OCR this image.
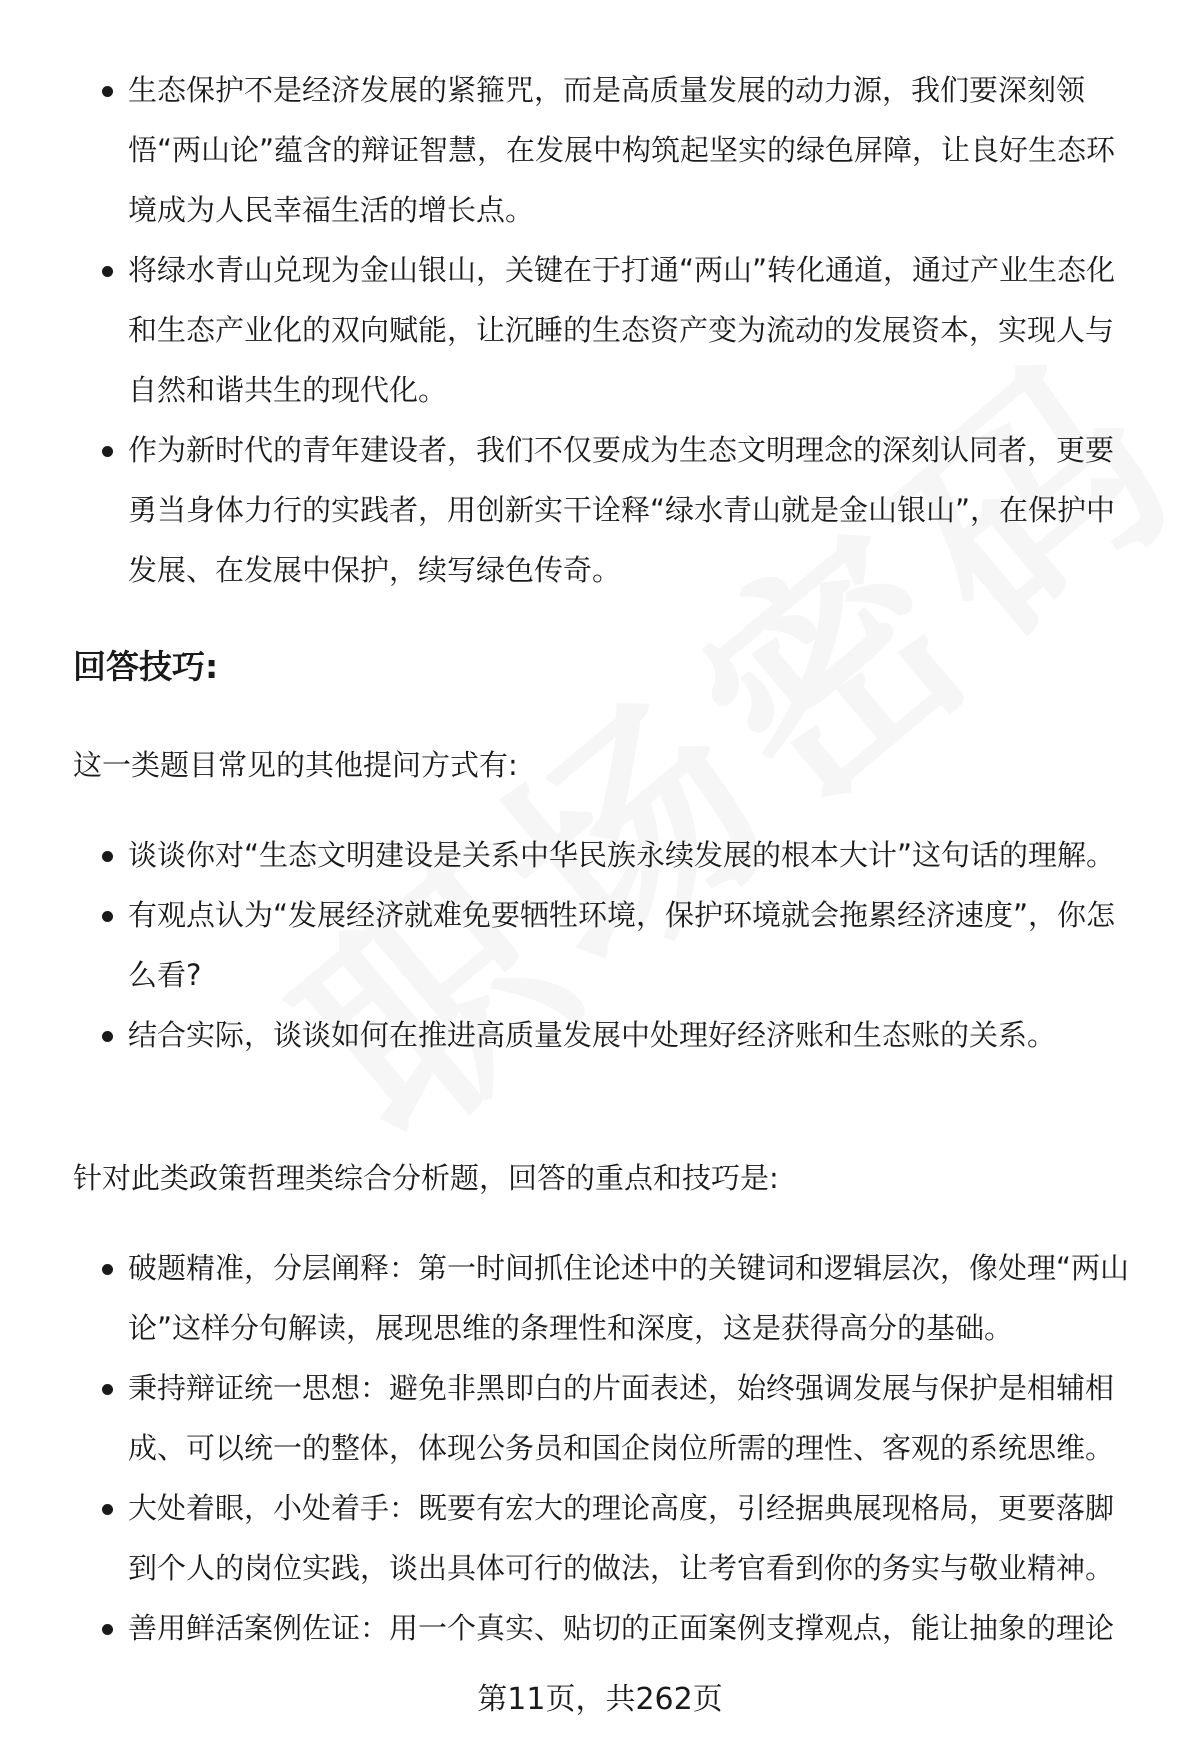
生态保护不是经济发展的紧箍咒，而是高质量发展的动力源，我们要深刻领悟“两山论”蕴含的辩证智慧，在发展中构筑起坚实的绿色屏障，让良好生态环境成为人民幸福生活的增长点。
将绿水青山兑现为金山银山，关键在于打通“两山”转化通道，通过产业生态化和生态产业化的双向赋能，让沉睡的生态资产变为流动的发展资本，实现人与自然和谐共生的现代化。
作为新时代的青年建设者，我们不仅要成为生态文明理念的深刻认同者，更要勇当身体力行的实践者，用创新实干诠释“绿水青山就是金山银山”，在保护中发展、在发展中保护，续写绿色传奇。
回答技巧:
这一类题目常见的其他提问方式有:
谈谈你对“生态文明建设是关系中华民族永续发展的根本大计”这句话的理解。
有观点认为“发展经济就难免要牺牲环境，保护环境就会拖累经济速度”，你怎么看?
结合实际，谈谈如何在推进高质量发展中处理好经济账和生态账的关系。
针对此类政策哲理类综合分析题，回答的重点和技巧是:
破题精准，分层阐释：第一时间抓住论述中的关键词和逻辑层次，像处理“两山论”这样分句解读，展现思维的条理性和深度，这是获得高分的基础。
秉持辩证统一思想：避免非黑即白的片面表述，始终强调发展与保护是相辅相成、可以统一的整体，体现公务员和国企岗位所需的理性、客观的系统思维。
大处着眼，小处着手：既要有宏大的理论高度，引经据典展现格局，更要落脚到个人的岗位实践，谈出具体可行的做法，让考官看到你的务实与敬业精神。
善用鲜活案例佐证：用一个真实、贴切的正面案例支撑观点，能让抽象的理论
第11页，共262页
